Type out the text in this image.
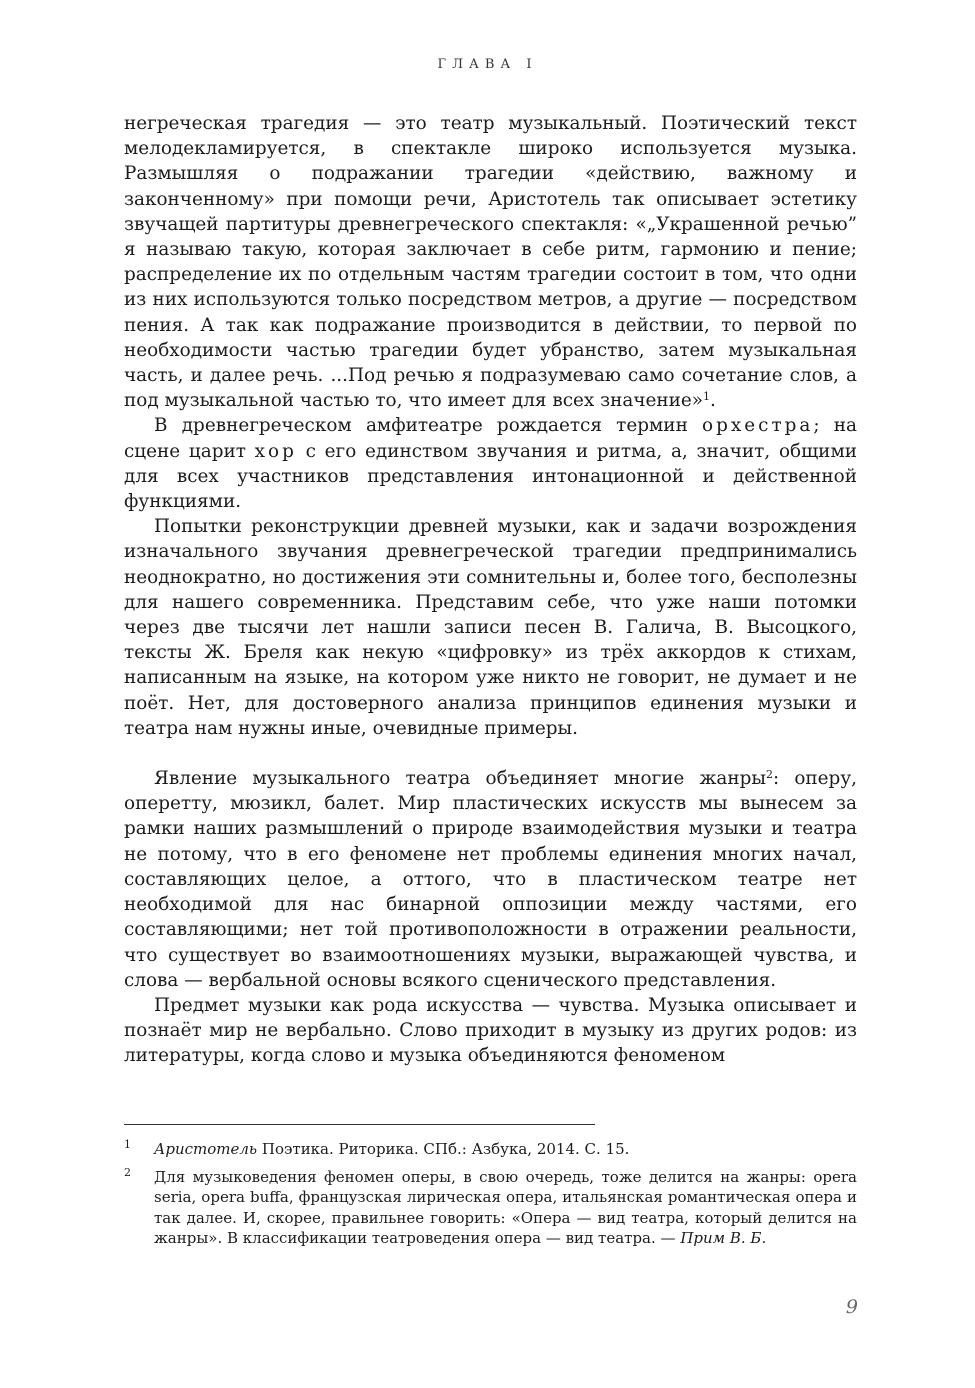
ГЛАВА I

негреческая трагедия — это театр музыкальный. Поэтический текст мелодекламируется, в спектакле широко используется музыка. Размышляя о подражании трагедии «действию, важному и законченному» при помощи речи, Аристотель так описывает эстетику звучащей партитуры древнегреческого спектакля: «„Украшенной речью” я называю такую, которая заключает в себе ритм, гармонию и пение; распределение их по отдельным частям трагедии состоит в том, что одни из них используются только посредством метров, а другие — посредством пения. А так как подражание производится в действии, то первой по необходимости частью трагедии будет убранство, затем музыкальная часть, и далее речь. ...Под речью я подразумеваю само сочетание слов, а под музыкальной частью то, что имеет для всех значение»$^1$.

В древнегреческом амфитеатре рождается термин орхестра; на сцене царит хор с его единством звучания и ритма, а, значит, общими для всех участников представления интонационной и действенной функциями.

Попытки реконструкции древней музыки, как и задачи возрождения изначального звучания древнегреческой трагедии предпринимались неоднократно, но достижения эти сомнительны и, более того, бесполезны для нашего современника. Представим себе, что уже наши потомки через две тысячи лет нашли записи песен В. Галича, В. Высоцкого, тексты Ж. Бреля как некую «цифровку» из трёх аккордов к стихам, написанным на языке, на котором уже никто не говорит, не думает и не поёт. Нет, для достоверного анализа принципов единения музыки и театра нам нужны иные, очевидные примеры.

Явление музыкального театра объединяет многие жанры$^2$: оперу, оперетту, мюзикл, балет. Мир пластических искусств мы вынесем за рамки наших размышлений о природе взаимодействия музыки и театра не потому, что в его феномене нет проблемы единения многих начал, составляющих целое, а оттого, что в пластическом театре нет необходимой для нас бинарной оппозиции между частями, его составляющими; нет той противоположности в отражении реальности, что существует во взаимоотношениях музыки, выражающей чувства, и слова — вербальной основы всякого сценического представления.

Предмет музыки как рода искусства — чувства. Музыка описывает и познаёт мир не вербально. Слово приходит в музыку из других родов: из литературы, когда слово и музыка объединяются феноменом

1 Аристотель Поэтика. Риторика. СПб.: Азбука, 2014. С. 15.
2 Для музыковедения феномен оперы, в свою очередь, тоже делится на жанры: opera seria, opera buffa, французская лирическая опера, итальянская романтическая опера и так далее. И, скорее, правильнее говорить: «Опера — вид театра, который делится на жанры». В классификации театроведения опера — вид театра. — Прим В. Б.
9
